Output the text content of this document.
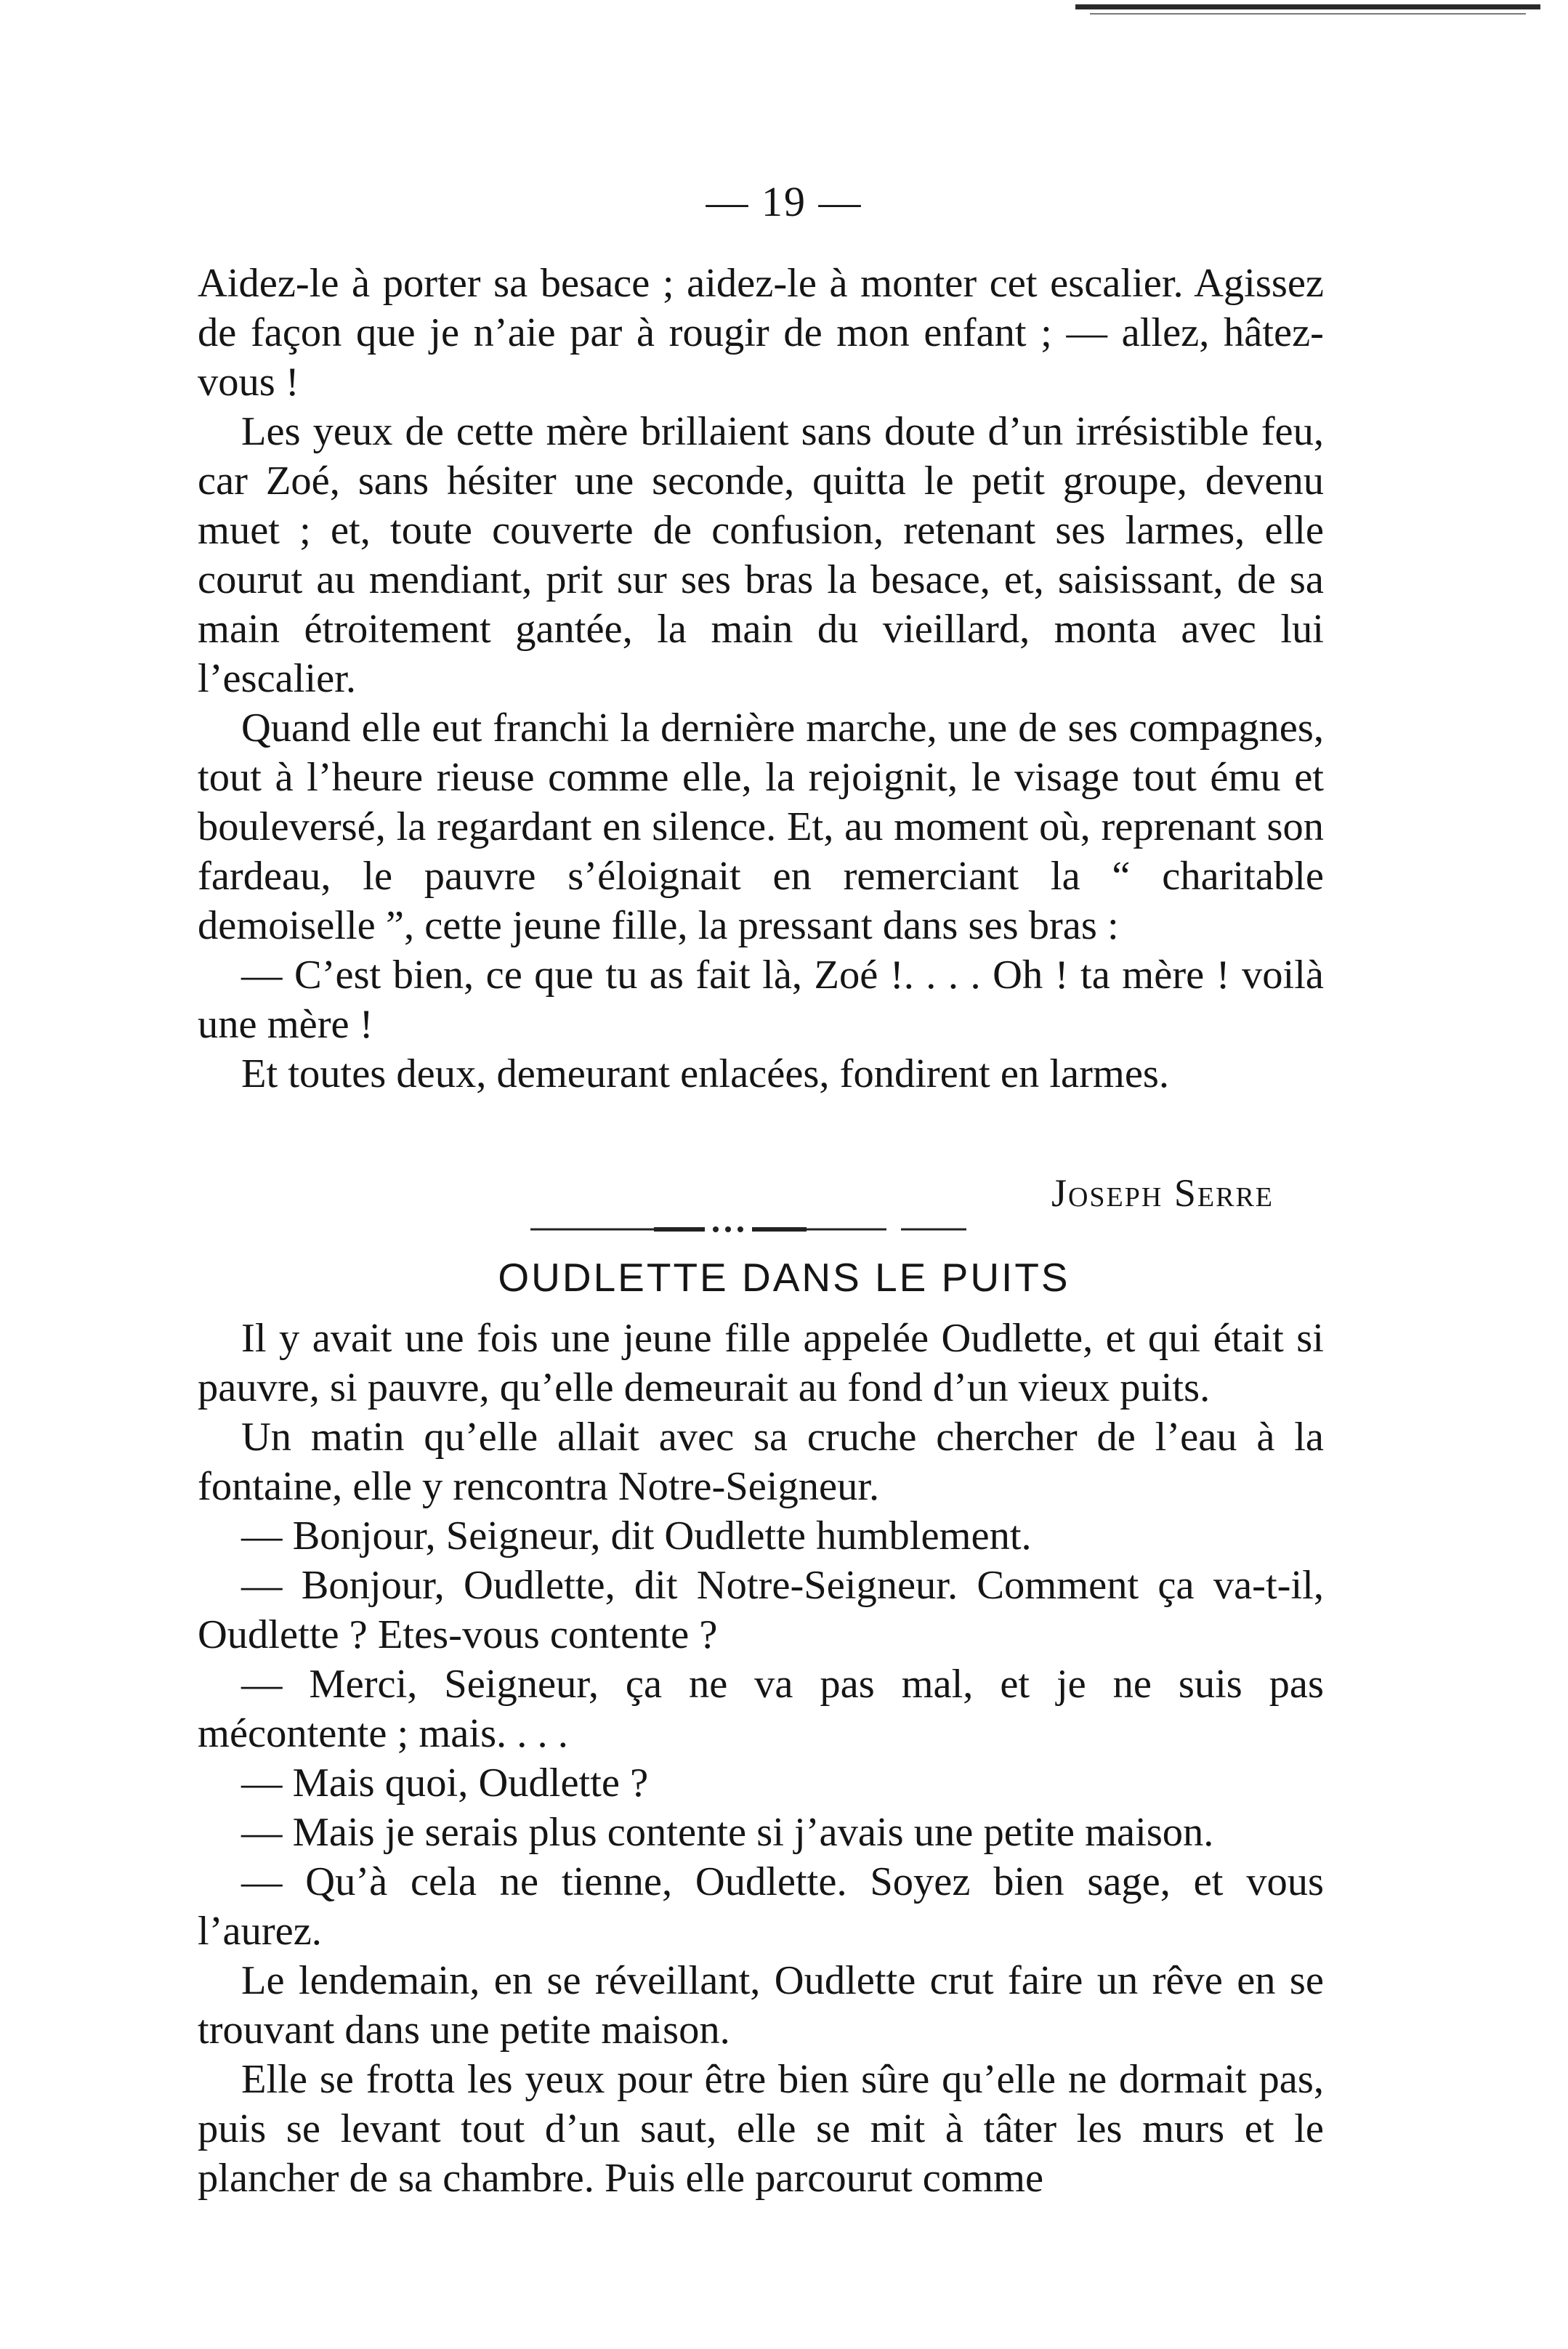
— 19 —

Aidez-le à porter sa besace ; aidez-le à monter cet escalier. Agissez de façon que je n’aie par à rougir de mon enfant ; — allez, hâtez-vous !

Les yeux de cette mère brillaient sans doute d’un irrésistible feu, car Zoé, sans hésiter une seconde, quitta le petit groupe, devenu muet ; et, toute couverte de confusion, retenant ses larmes, elle courut au mendiant, prit sur ses bras la besace, et, saisissant, de sa main étroitement gantée, la main du vieillard, monta avec lui l’escalier.

Quand elle eut franchi la dernière marche, une de ses compagnes, tout à l’heure rieuse comme elle, la rejoignit, le visage tout ému et bouleversé, la regardant en silence. Et, au moment où, reprenant son fardeau, le pauvre s’éloignait en remerciant la “ charitable demoiselle ”, cette jeune fille, la pressant dans ses bras :

— C’est bien, ce que tu as fait là, Zoé !. . . . Oh ! ta mère ! voilà une mère !

Et toutes deux, demeurant enlacées, fondirent en larmes.

Joseph Serre
OUDLETTE DANS LE PUITS

Il y avait une fois une jeune fille appelée Oudlette, et qui était si pauvre, si pauvre, qu’elle demeurait au fond d’un vieux puits.

Un matin qu’elle allait avec sa cruche chercher de l’eau à la fontaine, elle y rencontra Notre-Seigneur.

— Bonjour, Seigneur, dit Oudlette humblement.

— Bonjour, Oudlette, dit Notre-Seigneur. Comment ça va-t-il, Oudlette ? Etes-vous contente ?

— Merci, Seigneur, ça ne va pas mal, et je ne suis pas mécontente ; mais. . . .

— Mais quoi, Oudlette ?

— Mais je serais plus contente si j’avais une petite maison.

— Qu’à cela ne tienne, Oudlette. Soyez bien sage, et vous l’aurez.

Le lendemain, en se réveillant, Oudlette crut faire un rêve en se trouvant dans une petite maison.

Elle se frotta les yeux pour être bien sûre qu’elle ne dormait pas, puis se levant tout d’un saut, elle se mit à tâter les murs et le plancher de sa chambre. Puis elle parcourut comme
